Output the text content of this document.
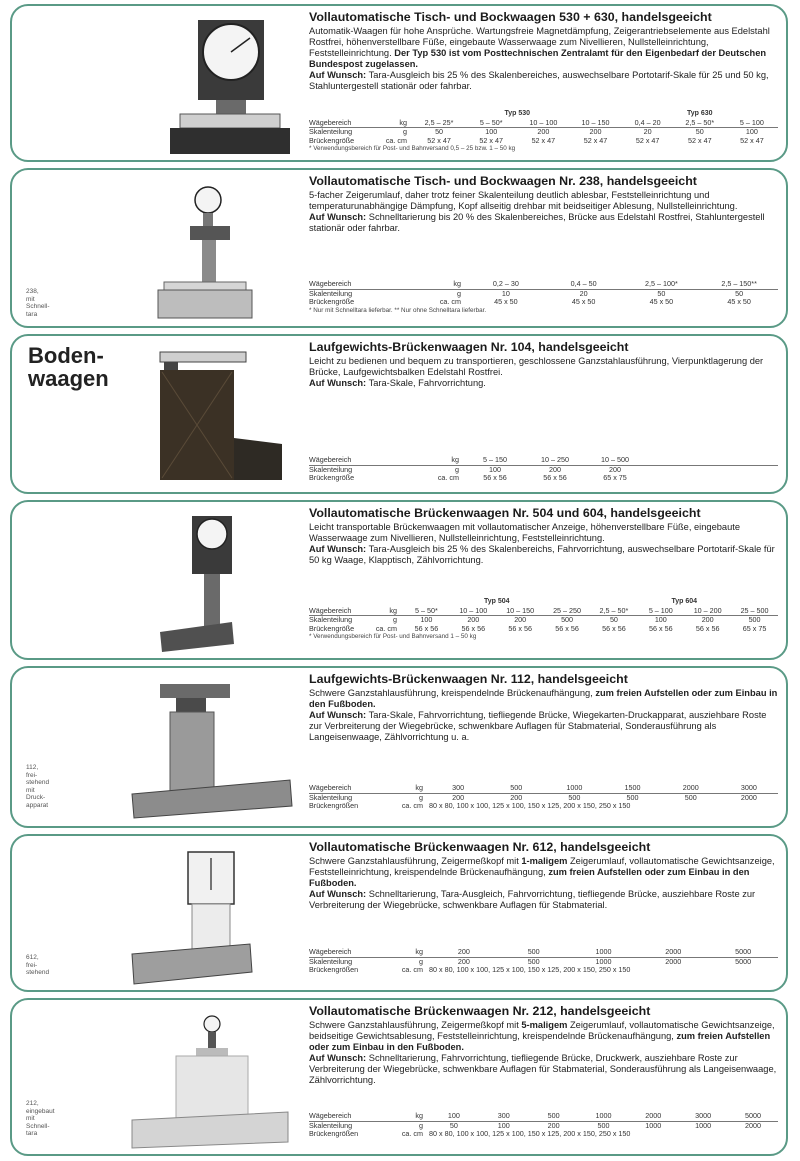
Vollautomatische Tisch- und Bockwaagen 530 + 630, handelsgeeicht

Automatik-Waagen für hohe Ansprüche. Wartungsfreie Magnetdämpfung, Zeigerantriebselemente aus Edelstahl Rostfrei, höhenverstellbare Füße, eingebaute Wasserwaage zum Nivellieren, Nullstelleinrichtung, Feststelleinrichtung. Der Typ 530 ist vom Posttechnischen Zentralamt für den Eigenbedarf der Deutschen Bundespost zugelassen.
Auf Wunsch: Tara-Ausgleich bis 25 % des Skalenbereiches, auswechselbare Portotarif-Skale für 25 und 50 kg, Stahluntergestell stationär oder fahrbar.

		Typ 530				Typ 630		
Wägebereich	kg	2,5 – 25*	5 – 50*	10 – 100	10 – 150	0,4 – 20	2,5 – 50*	5 – 100
Skalenteilung	g	50	100	200	200	20	50	100
Brückengröße	ca. cm	52 x 47	52 x 47	52 x 47	52 x 47	52 x 47	52 x 47	52 x 47
* Verwendungsbereich für Post- und Bahnversand 0,5 – 25 bzw. 1 – 50 kg
238,
mit
Schnell-
tara
Vollautomatische Tisch- und Bockwaagen Nr. 238, handelsgeeicht

5-facher Zeigerumlauf, daher trotz feiner Skalenteilung deutlich ablesbar, Feststelleinrichtung und temperaturunabhängige Dämpfung, Kopf allseitig drehbar mit beidseitiger Ablesung, Nullstelleinrichtung.
Auf Wunsch: Schnelltarierung bis 20 % des Skalenbereiches, Brücke aus Edelstahl Rostfrei, Stahluntergestell stationär oder fahrbar.

Wägebereich	kg	0,2 – 30	0,4 – 50	2,5 – 100*	2,5 – 150**
Skalenteilung	g	10	20	50	50
Brückengröße	ca. cm	45 x 50	45 x 50	45 x 50	45 x 50
* Nur mit Schnelltara lieferbar. ** Nur ohne Schnelltara lieferbar.
Boden-
waagen
Laufgewichts-Brückenwaagen Nr. 104, handelsgeeicht

Leicht zu bedienen und bequem zu transportieren, geschlossene Ganzstahlausführung, Vierpunktlagerung der Brücke, Laufgewichtsbalken Edelstahl Rostfrei.
Auf Wunsch: Tara-Skale, Fahrvorrichtung.

Wägebereich	kg	5 – 150	10 – 250	10 – 500	
Skalenteilung	g	100	200	200	
Brückengröße	ca. cm	56 x 56	56 x 56	65 x 75	
Vollautomatische Brückenwaagen Nr. 504 und 604, handelsgeeicht

Leicht transportable Brückenwaagen mit vollautomatischer Anzeige, höhenverstellbare Füße, eingebaute Wasserwaage zum Nivellieren, Nullstelleinrichtung, Feststelleinrichtung.
Auf Wunsch: Tara-Ausgleich bis 25 % des Skalenbereichs, Fahrvorrichtung, auswechselbare Portotarif-Skale für 50 kg Waage, Klapptisch, Zählvorrichtung.

		Typ 504				Typ 604			
Wägebereich	kg	5 – 50*	10 – 100	10 – 150	25 – 250	2,5 – 50*	5 – 100	10 – 200	25 – 500
Skalenteilung	g	100	200	200	500	50	100	200	500
Brückengröße	ca. cm	56 x 56	56 x 56	56 x 56	56 x 56	56 x 56	56 x 56	56 x 56	65 x 75
* Verwendungsbereich für Post- und Bahnversand 1 – 50 kg
112,
frei-
stehend
mit
Druck-
apparat
Laufgewichts-Brückenwaagen Nr. 112, handelsgeeicht

Schwere Ganzstahlausführung, kreispendelnde Brückenaufhängung, zum freien Aufstellen oder zum Einbau in den Fußboden.
Auf Wunsch: Tara-Skale, Fahrvorrichtung, tiefliegende Brücke, Wiegekarten-Druckapparat, ausziehbare Roste zur Verbreiterung der Wiegebrücke, schwenkbare Auflagen für Stabmaterial, Sonderausführung als Langeisenwaage, Zählvorrichtung u. a.

Wägebereich	kg	300	500	1000	1500	2000	3000
Skalenteilung	g	200	200	500	500	500	2000
Brückengrößen	ca. cm	80 x 80, 100 x 100, 125 x 100, 150 x 125, 200 x 150, 250 x 150					
612,
frei-
stehend
Vollautomatische Brückenwaagen Nr. 612, handelsgeeicht

Schwere Ganzstahlausführung, Zeigermeßkopf mit 1-maligem Zeigerumlauf, vollautomatische Gewichtsanzeige, Feststelleinrichtung, kreispendelnde Brückenaufhängung, zum freien Aufstellen oder zum Einbau in den Fußboden.
Auf Wunsch: Schnelltarierung, Tara-Ausgleich, Fahrvorrichtung, tiefliegende Brücke, ausziehbare Roste zur Verbreiterung der Wiegebrücke, schwenkbare Auflagen für Stabmaterial.

Wägebereich	kg	200	500	1000	2000	5000
Skalenteilung	g	200	500	1000	2000	5000
Brückengrößen	ca. cm	80 x 80, 100 x 100, 125 x 100, 150 x 125, 200 x 150, 250 x 150				
212,
eingebaut
mit
Schnell-
tara
Vollautomatische Brückenwaagen Nr. 212, handelsgeeicht

Schwere Ganzstahlausführung, Zeigermeßkopf mit 5-maligem Zeigerumlauf, vollautomatische Gewichtsanzeige, beidseitige Gewichtsablesung, Feststelleinrichtung, kreispendelnde Brückenaufhängung, zum freien Aufstellen oder zum Einbau in den Fußboden.
Auf Wunsch: Schnelltarierung, Fahrvorrichtung, tiefliegende Brücke, Druckwerk, ausziehbare Roste zur Verbreiterung der Wiegebrücke, schwenkbare Auflagen für Stabmaterial, Sonderausführung als Langeisenwaage, Zählvorrichtung.

Wägebereich	kg	100	300	500	1000	2000	3000	5000
Skalenteilung	g	50	100	200	500	1000	1000	2000
Brückengrößen	ca. cm	80 x 80, 100 x 100, 125 x 100, 150 x 125, 200 x 150, 250 x 150						
